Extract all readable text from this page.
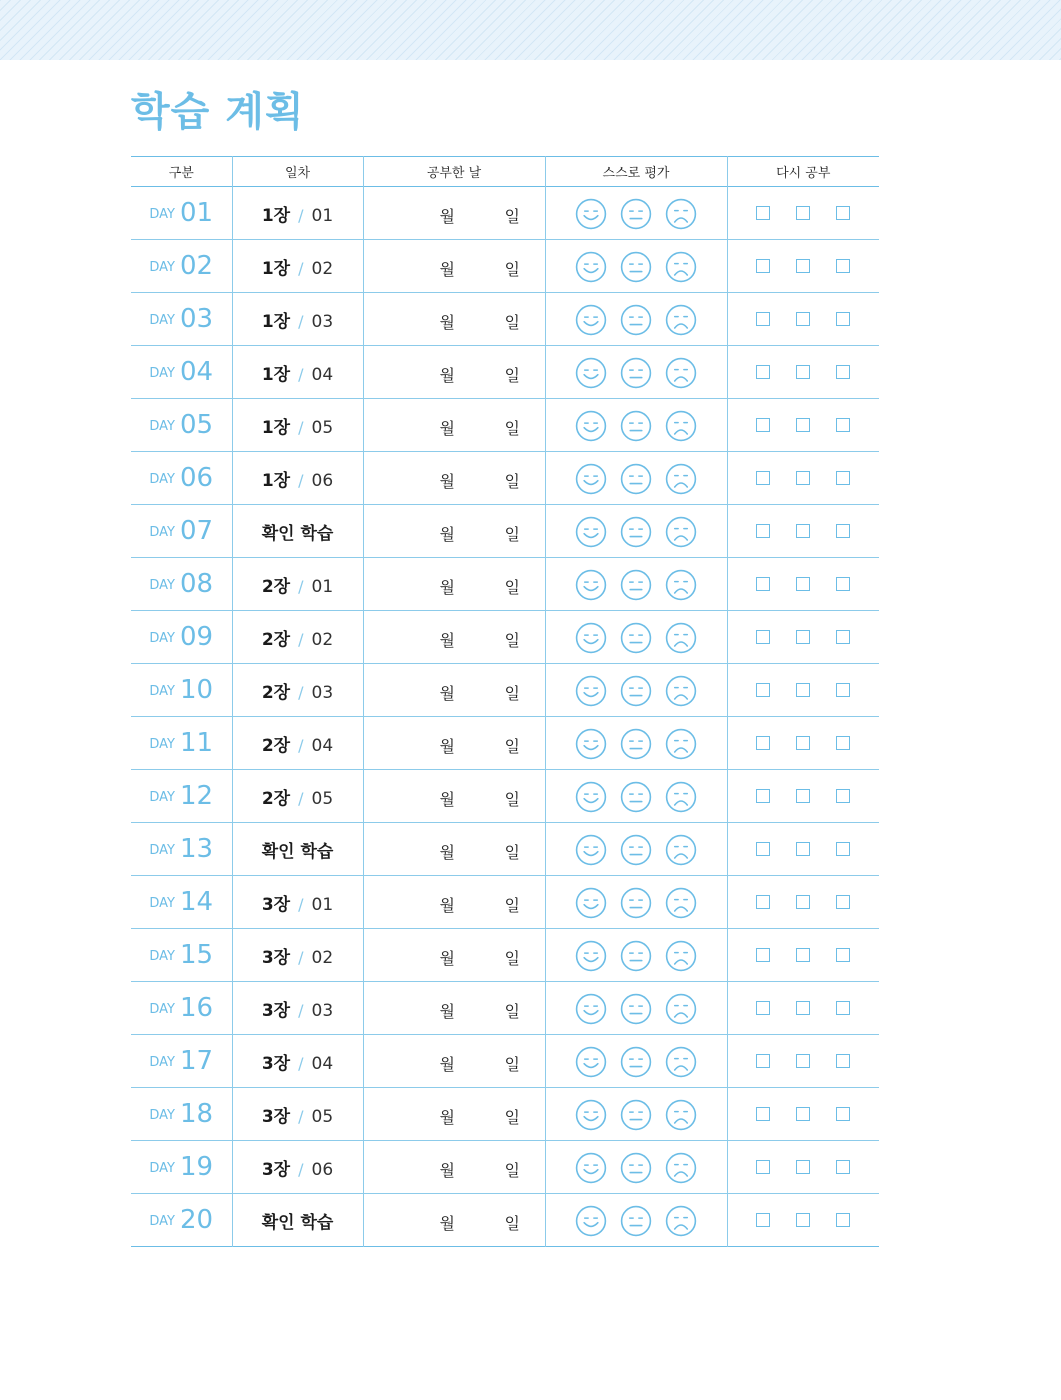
학습 계획
구분	일차	공부한 날	스스로 평가	다시 공부
DAY 01	1장 / 01	월 일

DAY 02	1장 / 02	월 일

DAY 03	1장 / 03	월 일

DAY 04	1장 / 04	월 일

DAY 05	1장 / 05	월 일

DAY 06	1장 / 06	월 일

DAY 07	확인 학습	월 일

DAY 08	2장 / 01	월 일

DAY 09	2장 / 02	월 일

DAY 10	2장 / 03	월 일

DAY 11	2장 / 04	월 일

DAY 12	2장 / 05	월 일

DAY 13	확인 학습	월 일

DAY 14	3장 / 01	월 일

DAY 15	3장 / 02	월 일

DAY 16	3장 / 03	월 일

DAY 17	3장 / 04	월 일

DAY 18	3장 / 05	월 일

DAY 19	3장 / 06	월 일

DAY 20	확인 학습	월 일
